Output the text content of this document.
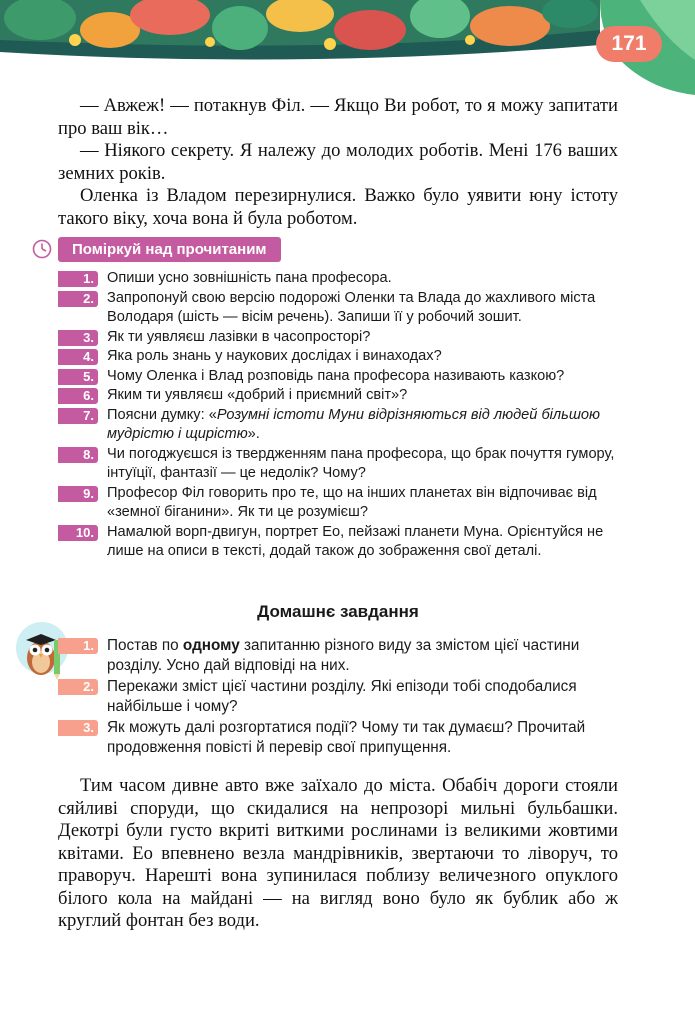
171

— Авжеж! — потакнув Філ. — Якщо Ви робот, то я можу запитати про ваш вік…

— Ніякого секрету. Я належу до молодих роботів. Мені 176 ваших земних років.

Оленка із Владом перезирнулися. Важко було уявити юну істоту такого віку, хоча вона й була роботом.

Поміркуй над прочитаним
1. Опиши усно зовнішність пана професора.
2. Запропонуй свою версію подорожі Оленки та Влада до жахливого міста Володаря (шість — вісім речень). Запиши її у робочий зошит.
3. Як ти уявляєш лазівки в часопросторі?
4. Яка роль знань у наукових дослідах і винаходах?
5. Чому Оленка і Влад розповідь пана професора називають казкою?
6. Яким ти уявляєш «добрий і приємний світ»?
7. Поясни думку: «Розумні істоти Муни відрізняються від людей більшою мудрістю і щирістю».
8. Чи погоджуєшся із твердженням пана професора, що брак почуття гумору, інтуїції, фантазії — це недолік? Чому?
9. Професор Філ говорить про те, що на інших планетах він відпочиває від «земної біганини». Як ти це розумієш?
10. Намалюй ворп-двигун, портрет Ео, пейзажі планети Муна. Орієнтуйся не лише на описи в тексті, додай також до зображення свої деталі.
Домашнє завдання
1. Постав по одному запитанню різного виду за змістом цієї частини розділу. Усно дай відповіді на них.
2. Перекажи зміст цієї частини розділу. Які епізоди тобі сподобалися найбільше і чому?
3. Як можуть далі розгортатися події? Чому ти так думаєш? Прочитай продовження повісті й перевір свої припущення.

Тим часом дивне авто вже заїхало до міста. Обабіч дороги стояли сяйливі споруди, що скидалися на непрозорі мильні бульбашки. Декотрі були густо вкриті виткими рослинами із великими жовтими квітами. Ео впевнено везла мандрівників, звертаючи то ліворуч, то праворуч. Нарешті вона зупинилася поблизу величезного опуклого білого кола на майдані — на вигляд воно було як бублик або ж круглий фонтан без води.
